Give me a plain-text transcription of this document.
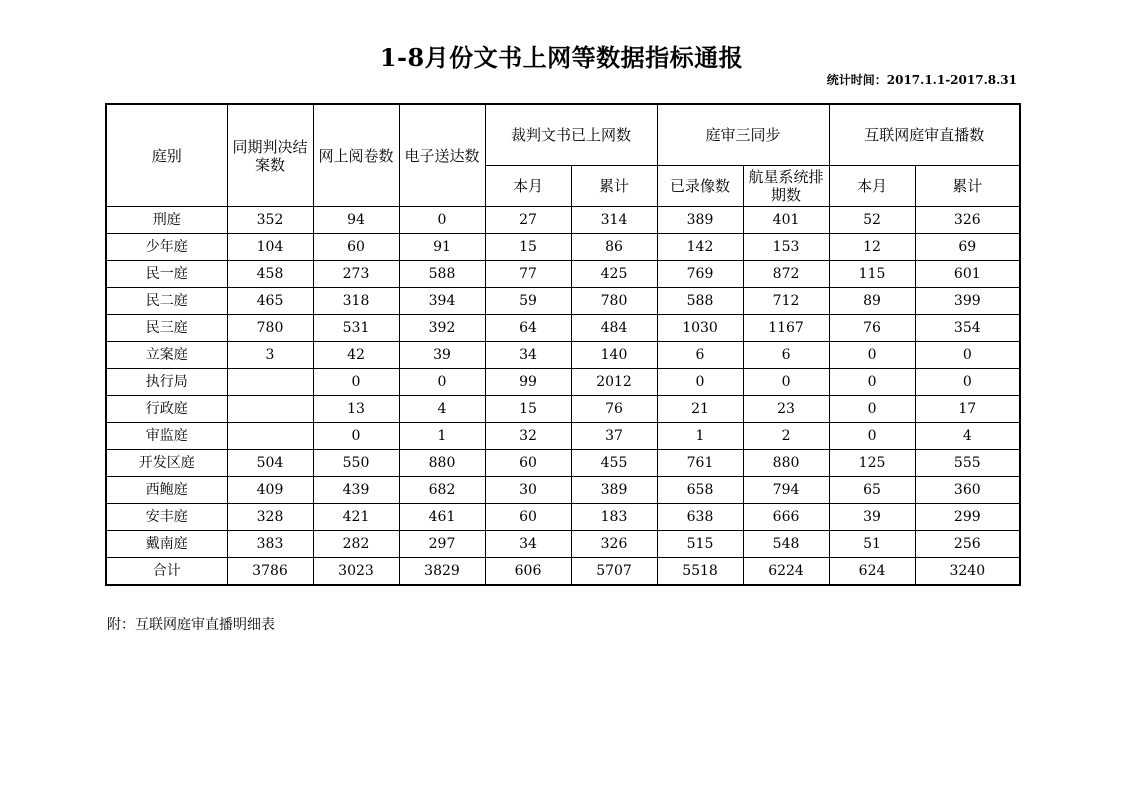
1-8月份文书上网等数据指标通报
统计时间：2017.1.1-2017.8.31
庭别	同期判决结案数	网上阅卷数	电子送达数	裁判文书已上网数		庭审三同步		互联网庭审直播数	
				本月	累计	已录像数	航星系统排期数	本月	累计
刑庭	352	94	0	27	314	389	401	52	326
少年庭	104	60	91	15	86	142	153	12	69
民一庭	458	273	588	77	425	769	872	115	601
民二庭	465	318	394	59	780	588	712	89	399
民三庭	780	531	392	64	484	1030	1167	76	354
立案庭	3	42	39	34	140	6	6	0	0
执行局		0	0	99	2012	0	0	0	0
行政庭		13	4	15	76	21	23	0	17
审监庭		0	1	32	37	1	2	0	4
开发区庭	504	550	880	60	455	761	880	125	555
西鲍庭	409	439	682	30	389	658	794	65	360
安丰庭	328	421	461	60	183	638	666	39	299
戴南庭	383	282	297	34	326	515	548	51	256
合计	3786	3023	3829	606	5707	5518	6224	624	3240
附：互联网庭审直播明细表
